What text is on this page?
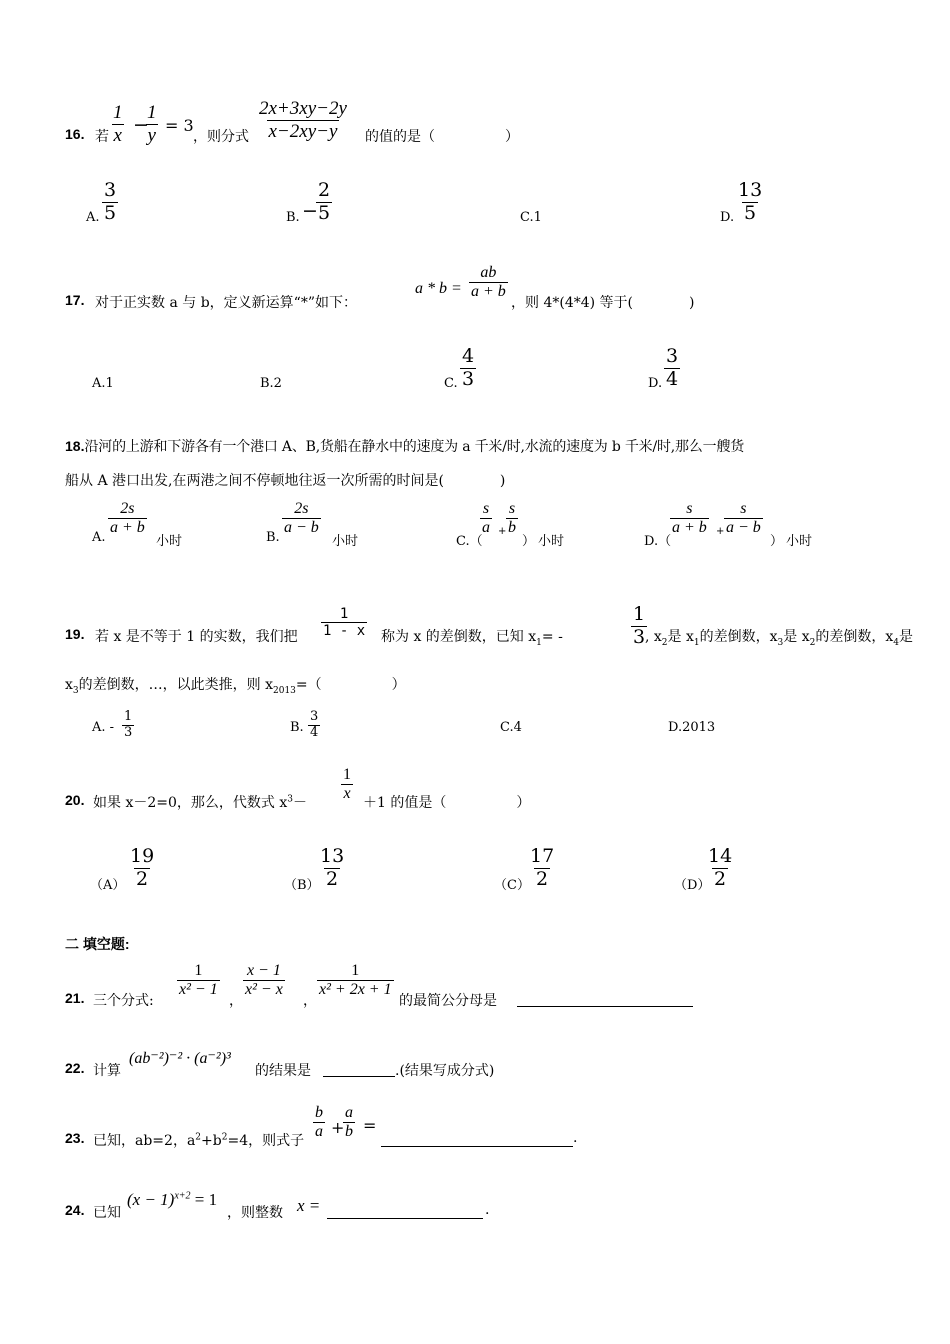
16. 若
1
x −
1
y = 3
，则分式
2x+3xy−2y
x−2xy−y 的值的是（　　　　　）
A.
3
5	B. −
2
5	C.1	D.
13
5
17. 对于正实数 a 与 b，定义新运算“*”如下：
a * b =
ab
a + b
，则 4*(4*4) 等于(　　　　)
A.1	B.2	C.
4
3	D.
3
4
18.沿河的上游和下游各有一个港口 A、B,货船在静水中的速度为 a 千米/时,水流的速度为 b 千米/时,那么一艘货
船从 A 港口出发,在两港之间不停顿地往返一次所需的时间是(　　　　)
A.
2s
a + b
小时	B.
2s
a − b
小时	C.（
s
a +
s
b
） 小时	D.（
s
a + b +
s
a − b
） 小时
19. 若 x 是不等于 1 的实数，我们把
1
1 - x 称为 x 的差倒数，已知 $x_1=$ -
1
3 , $x_2$是 $x_1$的差倒数，$x_3$是 $x_2$的差倒数，$x_4$是
$x_3$的差倒数，…，以此类推，则 $x_{2013}=$（　　　　　）
A. -
1
3	B.
3
4	C.4	D.2013
20. 如果 x－2=0，那么，代数式 $x^3-$
1
x
＋1 的值是（　　　　　）
（A）
19
2	（B）
13
2	（C）
17
2	（D）
14
2
二 填空题:
21. 三个分式:
1
x² − 1
，
x − 1
x² − x
，
1
x² + 2x + 1
的最简公分母是
22. 计算
(ab⁻²)⁻² · (a⁻²)³
的结果是	.(结果写成分式)
23. 已知，ab=2，$a^2+b^2=4$，则式子
b
a +
a
b =
.
24. 已知
$(x - 1)^{x+2} = 1$
，则整数 x =	.
